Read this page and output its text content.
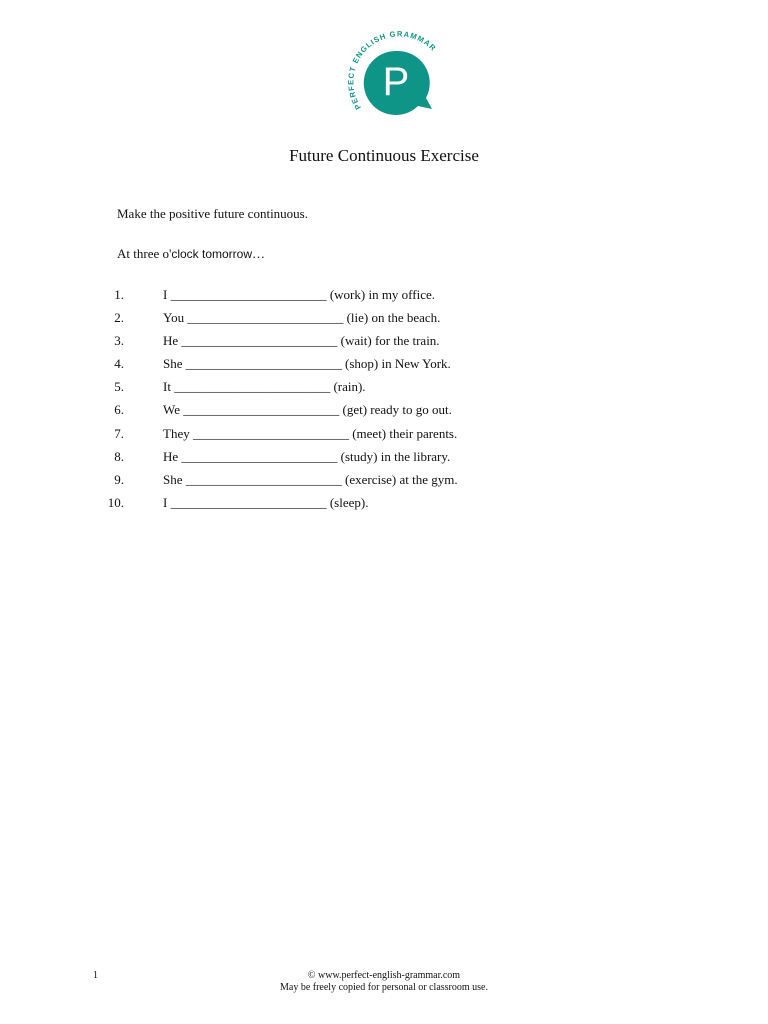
PERFECT ENGLISH GRAMMAR
P
Future Continuous Exercise
Make the positive future continuous.
At three o'clock tomorrow…
1.	I ________________________ (work) in my office.
2.	You ________________________ (lie) on the beach.
3.	He ________________________ (wait) for the train.
4.	She ________________________ (shop) in New York.
5.	It ________________________ (rain).
6.	We ________________________ (get) ready to go out.
7.	They ________________________ (meet) their parents.
8.	He ________________________ (study) in the library.
9.	She ________________________ (exercise) at the gym.
10.	I ________________________ (sleep).
1	© www.perfect-english-grammar.com
May be freely copied for personal or classroom use.
